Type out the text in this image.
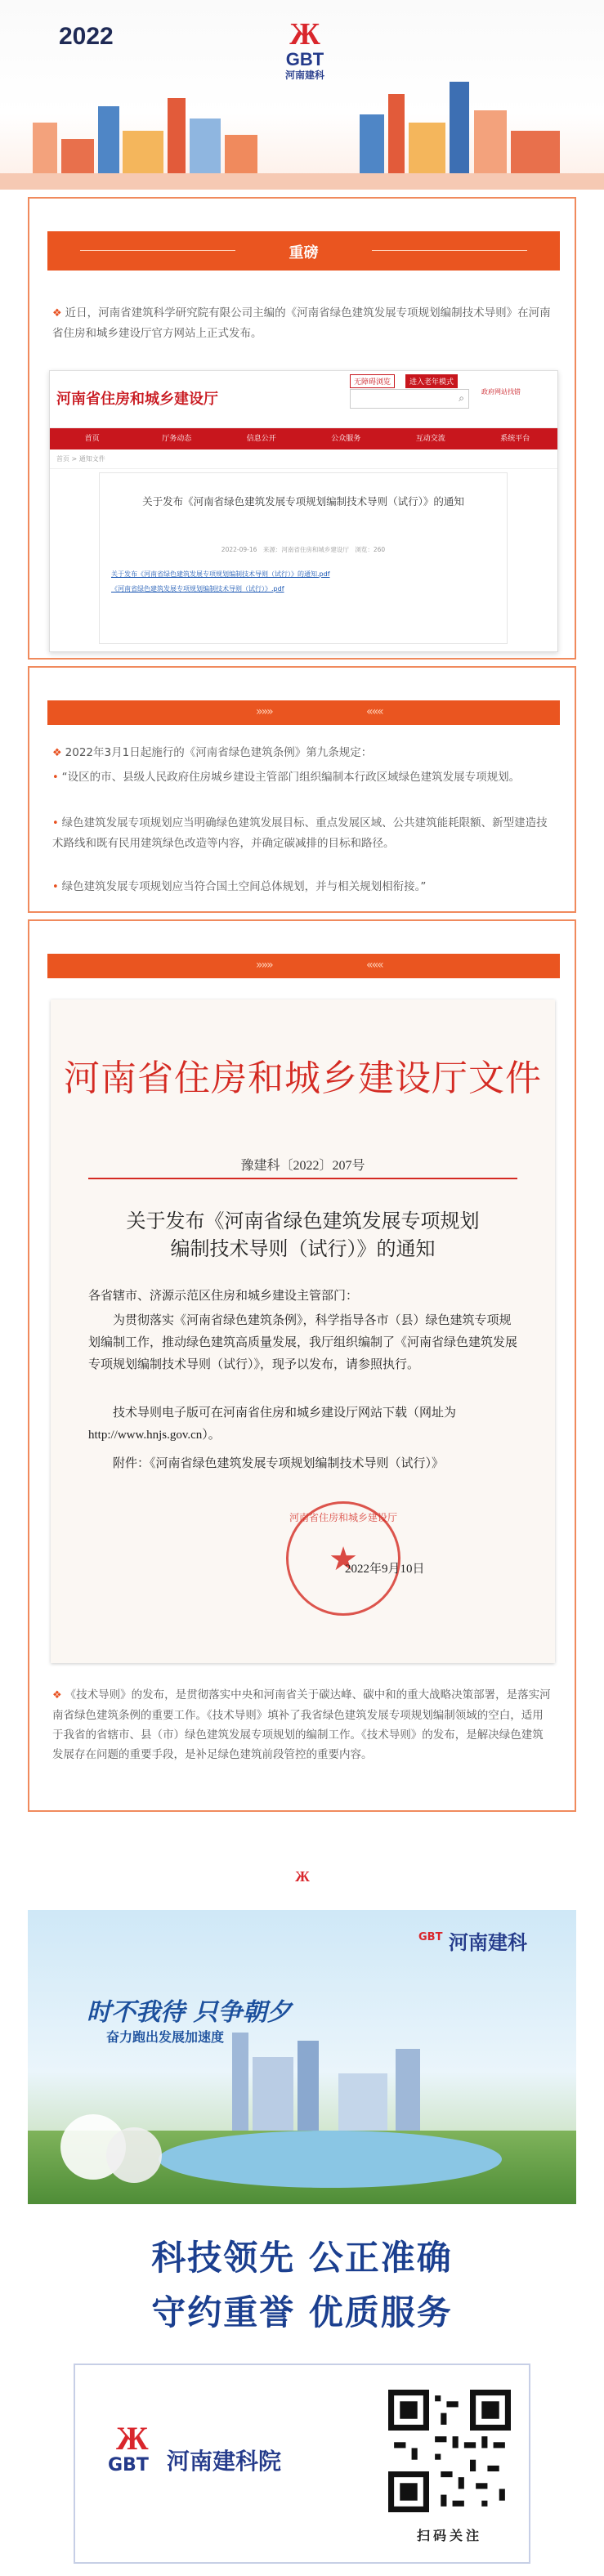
2022	Ж
GBT
河南建科
重磅
❖ 近日，河南省建筑科学研究院有限公司主编的《河南省绿色建筑发展专项规划编制技术导则》在河南省住房和城乡建设厅官方网站上正式发布。
河南省住房和城乡建设厅
无障碍浏览	进入老年模式
⌕
政府网站找错
首页	厅务动态	信息公开	公众服务	互动交流	系统平台
首页 > 通知文件
关于发布《河南省绿色建筑发展专项规划编制技术导则（试行）》的通知
2022-09-16　来源：河南省住房和城乡建设厅　浏览：260
关于发布《河南省绿色建筑发展专项规划编制技术导则（试行）》的通知.pdf
《河南省绿色建筑发展专项规划编制技术导则（试行）》.pdf
»»»	«««
❖ 2022年3月1日起施行的《河南省绿色建筑条例》第九条规定：
• “设区的市、县级人民政府住房城乡建设主管部门组织编制本行政区域绿色建筑发展专项规划。
• 绿色建筑发展专项规划应当明确绿色建筑发展目标、重点发展区域、公共建筑能耗限额、新型建造技术路线和既有民用建筑绿色改造等内容，并确定碳减排的目标和路径。
• 绿色建筑发展专项规划应当符合国土空间总体规划，并与相关规划相衔接。”
»»»	«««
河南省住房和城乡建设厅文件
豫建科〔2022〕207号
关于发布《河南省绿色建筑发展专项规划
编制技术导则（试行）》的通知
各省辖市、济源示范区住房和城乡建设主管部门：
为贯彻落实《河南省绿色建筑条例》，科学指导各市（县）绿色建筑专项规划编制工作，推动绿色建筑高质量发展，我厅组织编制了《河南省绿色建筑发展专项规划编制技术导则（试行）》，现予以发布，请参照执行。
技术导则电子版可在河南省住房和城乡建设厅网站下载（网址为 http://www.hnjs.gov.cn）。
附件：《河南省绿色建筑发展专项规划编制技术导则（试行）》
河南省住房和城乡建设厅
★
2022年9月10日
❖ 《技术导则》的发布，是贯彻落实中央和河南省关于碳达峰、碳中和的重大战略决策部署，是落实河南省绿色建筑条例的重要工作。《技术导则》填补了我省绿色建筑发展专项规划编制领域的空白，适用于我省的省辖市、县（市）绿色建筑发展专项规划的编制工作。《技术导则》的发布，是解决绿色建筑发展存在问题的重要手段，是补足绿色建筑前段管控的重要内容。
Ж
GBT 河南建科
时不我待 只争朝夕
奋力跑出发展加速度
科技领先 公正准确
守约重誉 优质服务
Ж
GBT 河南建科院
扫码关注
